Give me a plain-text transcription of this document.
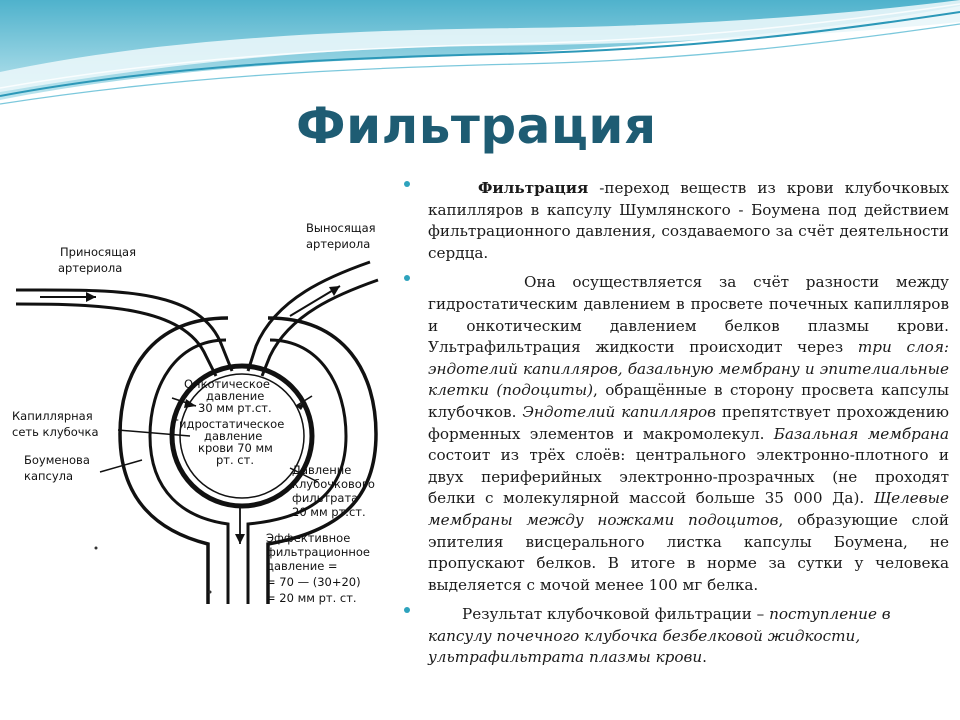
Фильтрация
Приносящая
артериола
Выносящая
артериола
Онкотическое
давление
30 мм рт.ст.
Гидростатическое
давление
крови 70 мм
рт. ст.
Капиллярная
сеть клубочка
Боуменова
капсула	Давление
клубочкового
фильтрата
20 мм рт.ст.
Эффективное
фильтрационное
давление =
= 70 — (30+20)
= 20 мм рт. ст.

Фильтрация -переход веществ из крови клубочковых капилляров в капсулу Шумлянского - Боумена под действием фильтрационного давления, создаваемого за счёт деятельности сердца.

Она осуществляется за счёт разности между гидростатическим давлением в просвете почечных капилляров и онкотическим давлением белков плазмы крови. Ультрафильтрация жидкости происходит через три слоя: эндотелий капилляров, базальную мембрану и эпителиальные клетки (подоциты), обращённые в сторону просвета капсулы клубочков. Эндотелий капилляров препятствует прохождению форменных элементов и макромолекул. Базальная мембрана состоит из трёх слоёв: центрального электронно-плотного и двух периферийных электронно-прозрачных (не проходят белки с молекулярной массой больше 35 000 Да). Щелевые мембраны между ножками подоцитов, образующие слой эпителия висцерального листка капсулы Боумена, не пропускают белков. В итоге в норме за сутки у человека выделяется с мочой менее 100 мг белка.

Результат клубочковой фильтрации – поступление в капсулу почечного клубочка безбелковой жидкости, ультрафильтрата плазмы крови.
